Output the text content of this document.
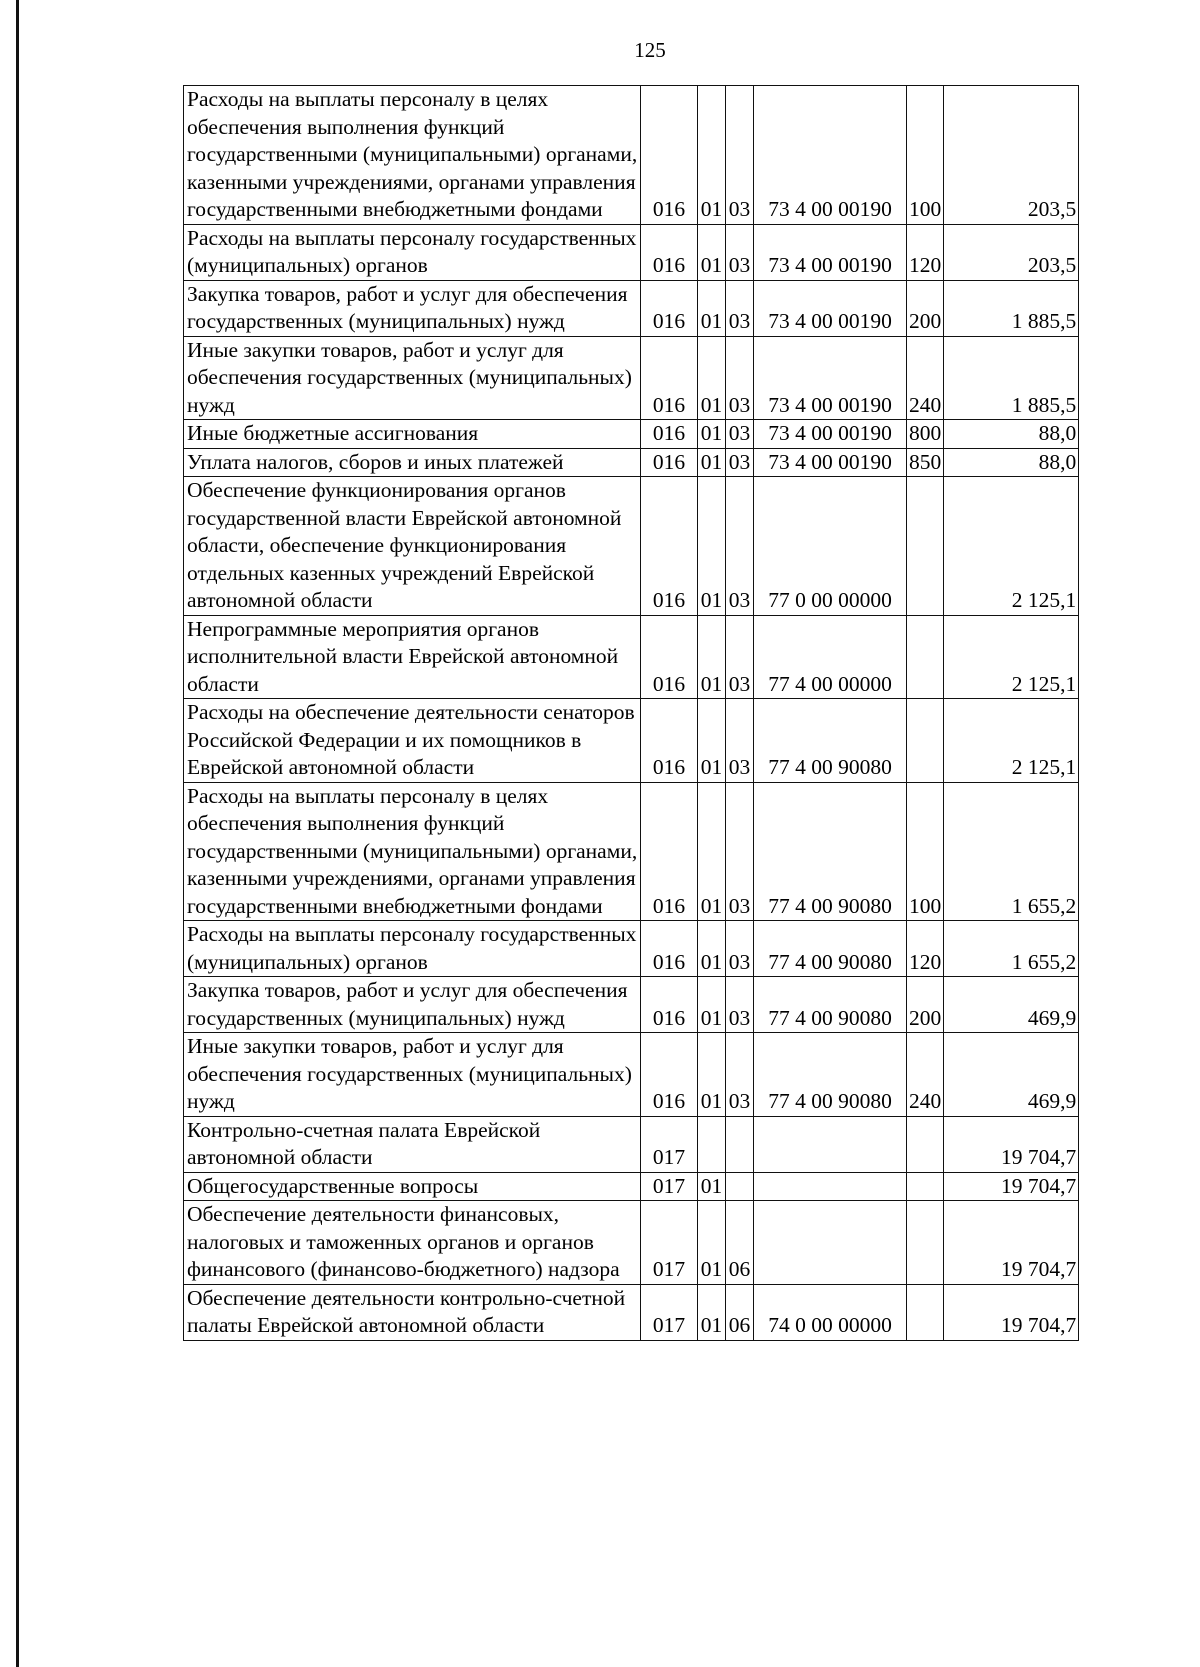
125
Расходы на выплаты персоналу в целях обеспечения выполнения функций государственными (муниципальными) органами, казенными учреждениями, органами управления государственными внебюджетными фондами	016	01	03	73 4 00 00190	100	203,5
Расходы на выплаты персоналу государственных (муниципальных) органов	016	01	03	73 4 00 00190	120	203,5
Закупка товаров, работ и услуг для обеспечения государственных (муниципальных) нужд	016	01	03	73 4 00 00190	200	1 885,5
Иные закупки товаров, работ и услуг для обеспечения государственных (муниципальных) нужд	016	01	03	73 4 00 00190	240	1 885,5
Иные бюджетные ассигнования	016	01	03	73 4 00 00190	800	88,0
Уплата налогов, сборов и иных платежей	016	01	03	73 4 00 00190	850	88,0
Обеспечение функционирования органов государственной власти Еврейской автономной области, обеспечение функционирования отдельных казенных учреждений Еврейской автономной области	016	01	03	77 0 00 00000		2 125,1
Непрограммные мероприятия органов исполнительной власти Еврейской автономной области	016	01	03	77 4 00 00000		2 125,1
Расходы на обеспечение деятельности сенаторов Российской Федерации и их помощников в Еврейской автономной области	016	01	03	77 4 00 90080		2 125,1
Расходы на выплаты персоналу в целях обеспечения выполнения функций государственными (муниципальными) органами, казенными учреждениями, органами управления государственными внебюджетными фондами	016	01	03	77 4 00 90080	100	1 655,2
Расходы на выплаты персоналу государственных (муниципальных) органов	016	01	03	77 4 00 90080	120	1 655,2
Закупка товаров, работ и услуг для обеспечения государственных (муниципальных) нужд	016	01	03	77 4 00 90080	200	469,9
Иные закупки товаров, работ и услуг для обеспечения государственных (муниципальных) нужд	016	01	03	77 4 00 90080	240	469,9
Контрольно-счетная палата Еврейской автономной области	017					19 704,7
Общегосударственные вопросы	017	01				19 704,7
Обеспечение деятельности финансовых, налоговых и таможенных органов и органов финансового (финансово-бюджетного) надзора	017	01	06			19 704,7
Обеспечение деятельности контрольно-счетной палаты Еврейской автономной области	017	01	06	74 0 00 00000		19 704,7
